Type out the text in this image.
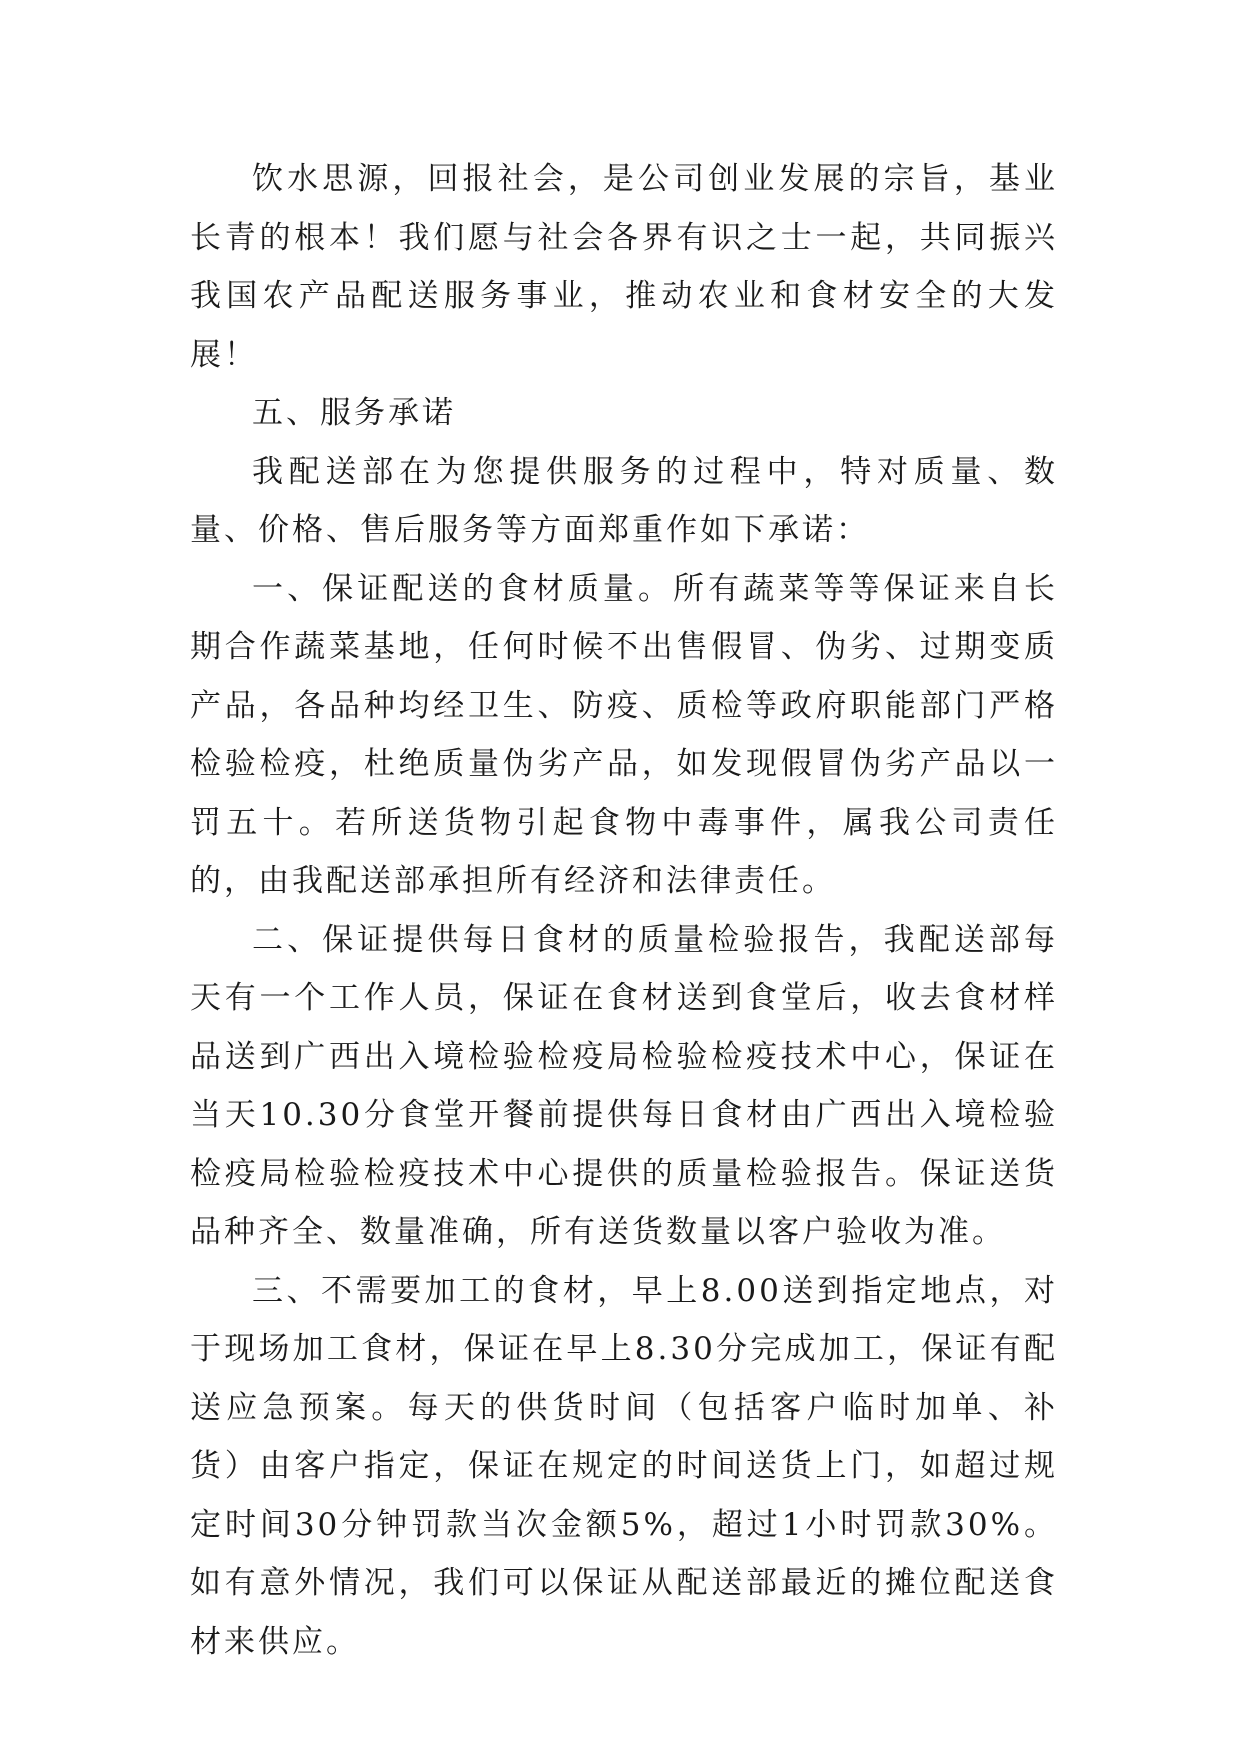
饮水思源，回报社会，是公司创业发展的宗旨，基业长青的根本！我们愿与社会各界有识之士一起，共同振兴我国农产品配送服务事业，推动农业和食材安全的大发展！

五、服务承诺

我配送部在为您提供服务的过程中，特对质量、数量、价格、售后服务等方面郑重作如下承诺：

一、保证配送的食材质量。所有蔬菜等等保证来自长期合作蔬菜基地，任何时候不出售假冒、伪劣、过期变质产品，各品种均经卫生、防疫、质检等政府职能部门严格检验检疫，杜绝质量伪劣产品，如发现假冒伪劣产品以一罚五十。若所送货物引起食物中毒事件，属我公司责任的，由我配送部承担所有经济和法律责任。

二、保证提供每日食材的质量检验报告，我配送部每天有一个工作人员，保证在食材送到食堂后，收去食材样品送到广西出入境检验检疫局检验检疫技术中心，保证在当天10.30分食堂开餐前提供每日食材由广西出入境检验检疫局检验检疫技术中心提供的质量检验报告。保证送货品种齐全、数量准确，所有送货数量以客户验收为准。

三、不需要加工的食材，早上8.00送到指定地点，对于现场加工食材，保证在早上8.30分完成加工，保证有配送应急预案。每天的供货时间（包括客户临时加单、补货）由客户指定，保证在规定的时间送货上门，如超过规定时间30分钟罚款当次金额5%，超过1小时罚款30%。如有意外情况，我们可以保证从配送部最近的摊位配送食材来供应。
